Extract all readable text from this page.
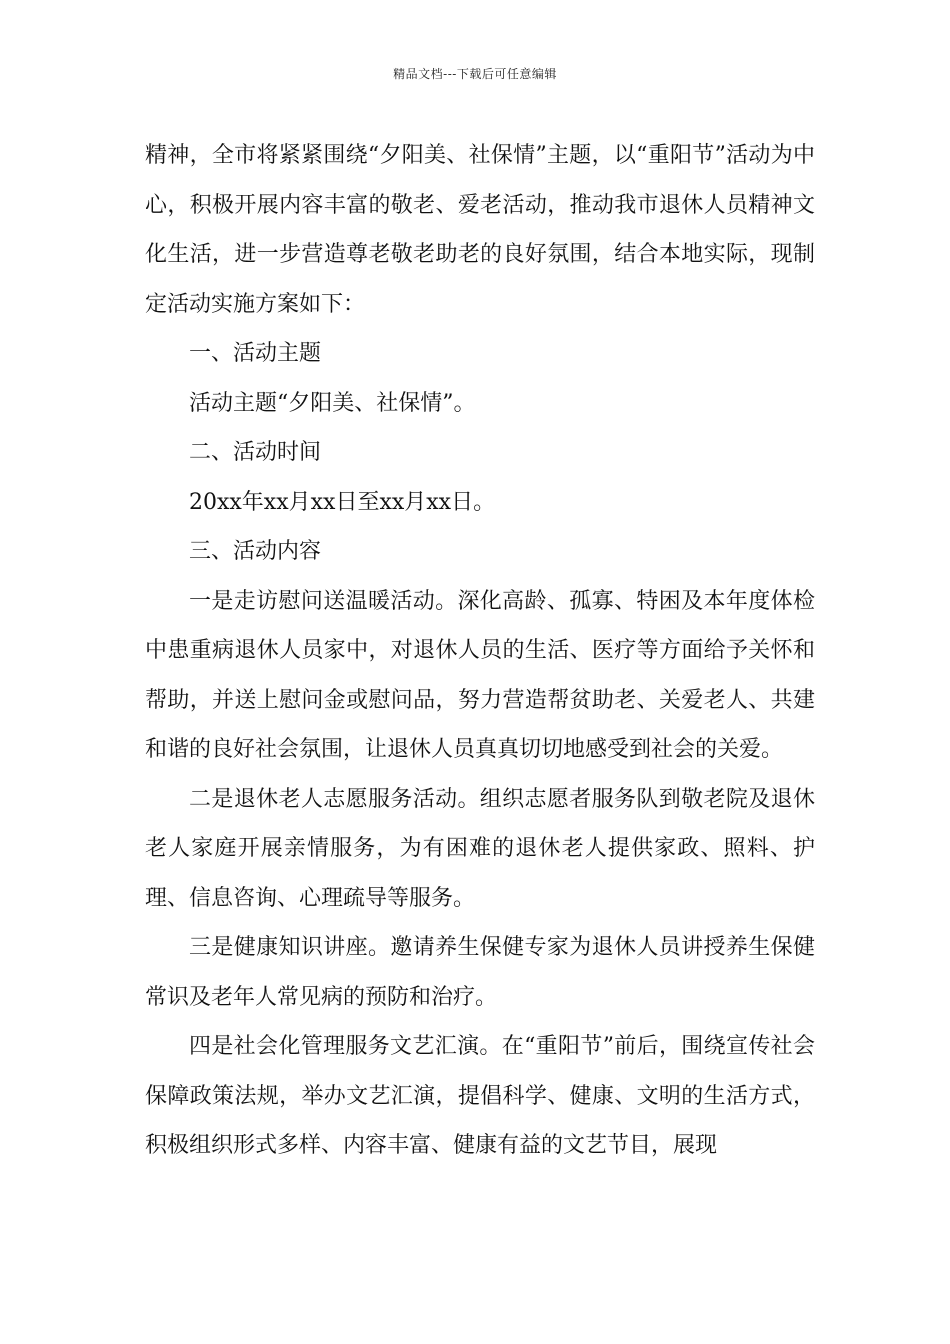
精品文档---下载后可任意编辑

精神，全市将紧紧围绕“夕阳美、社保情”主题，以“重阳节”活动为中心，积极开展内容丰富的敬老、爱老活动，推动我市退休人员精神文化生活，进一步营造尊老敬老助老的良好氛围，结合本地实际，现制定活动实施方案如下：

一、活动主题

活动主题“夕阳美、社保情”。

二、活动时间

20xx年xx月xx日至xx月xx日。

三、活动内容

一是走访慰问送温暖活动。深化高龄、孤寡、特困及本年度体检中患重病退休人员家中，对退休人员的生活、医疗等方面给予关怀和帮助，并送上慰问金或慰问品，努力营造帮贫助老、关爱老人、共建和谐的良好社会氛围，让退休人员真真切切地感受到社会的关爱。

二是退休老人志愿服务活动。组织志愿者服务队到敬老院及退休老人家庭开展亲情服务，为有困难的退休老人提供家政、照料、护理、信息咨询、心理疏导等服务。

三是健康知识讲座。邀请养生保健专家为退休人员讲授养生保健常识及老年人常见病的预防和治疗。

四是社会化管理服务文艺汇演。在“重阳节”前后，围绕宣传社会保障政策法规，举办文艺汇演，提倡科学、健康、文明的生活方式，积极组织形式多样、内容丰富、健康有益的文艺节目，展现
